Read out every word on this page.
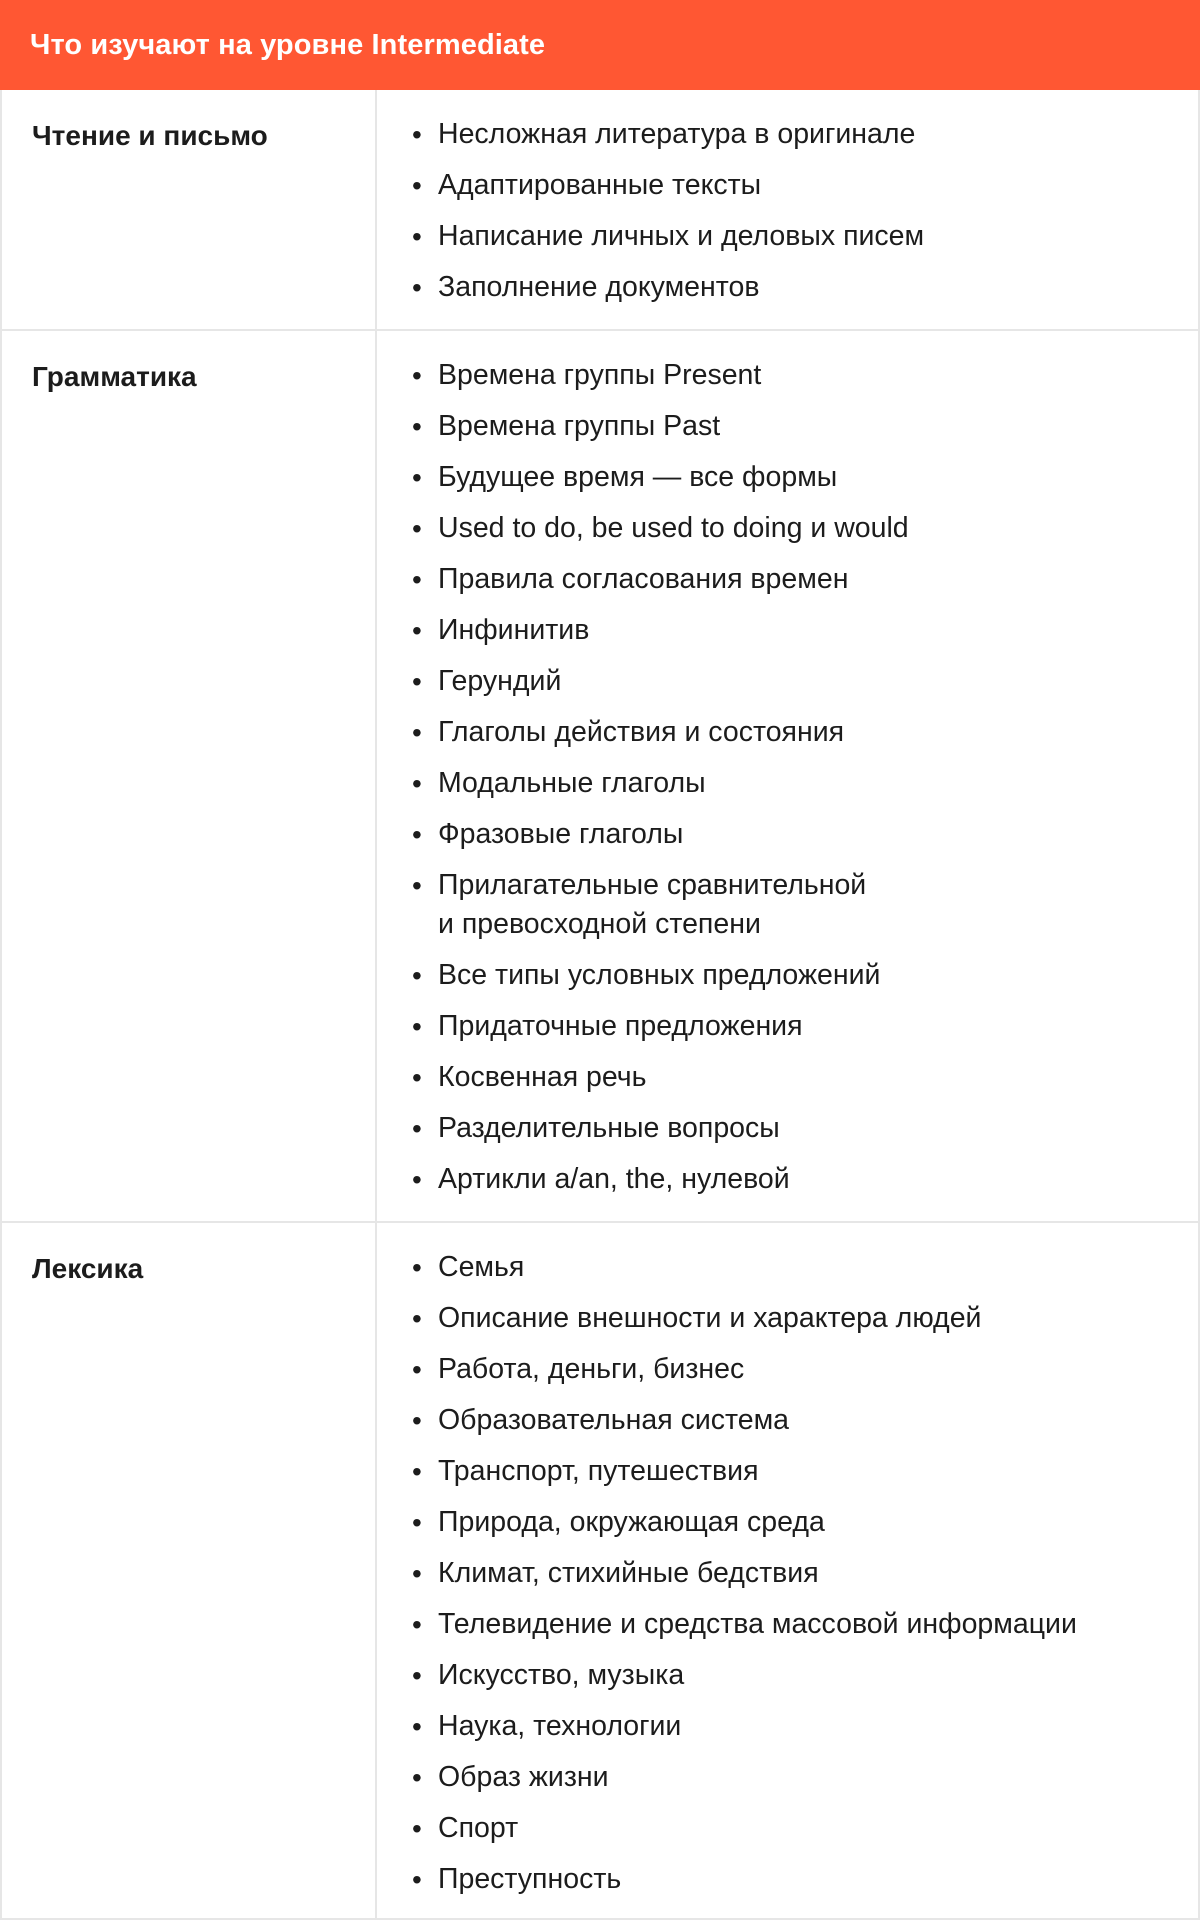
Что изучают на уровне Intermediate
Чтение и письмо	• Несложная литература в оригинале
• Адаптированные тексты
• Написание личных и деловых писем
• Заполнение документов
Грамматика	• Времена группы Present
• Времена группы Past
• Будущее время — все формы
• Used to do, be used to doing и would
• Правила согласования времен
• Инфинитив
• Герундий
• Глаголы действия и состояния
• Модальные глаголы
• Фразовые глаголы
• Прилагательные сравнительной
и превосходной степени
• Все типы условных предложений
• Придаточные предложения
• Косвенная речь
• Разделительные вопросы
• Артикли a/an, the, нулевой
Лексика	• Семья
• Описание внешности и характера людей
• Работа, деньги, бизнес
• Образовательная система
• Транспорт, путешествия
• Природа, окружающая среда
• Климат, стихийные бедствия
• Телевидение и средства массовой информации
• Искусство, музыка
• Наука, технологии
• Образ жизни
• Спорт
• Преступность
